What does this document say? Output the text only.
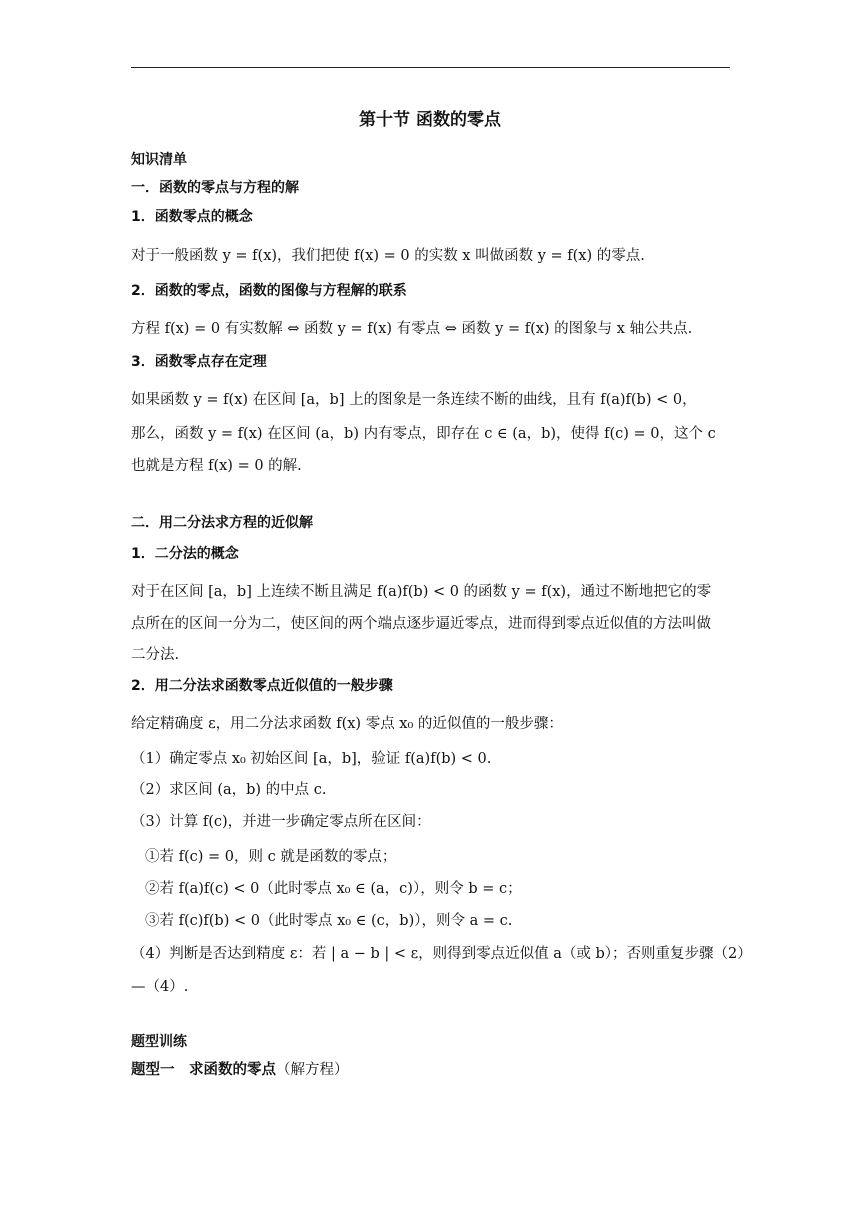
第十节 函数的零点
知识清单
一．函数的零点与方程的解
1．函数零点的概念
对于一般函数 y = f(x)，我们把使 f(x) = 0 的实数 x 叫做函数 y = f(x) 的零点.
2．函数的零点，函数的图像与方程解的联系
方程 f(x) = 0 有实数解 ⇔ 函数 y = f(x) 有零点 ⇔ 函数 y = f(x) 的图象与 x 轴公共点.
3．函数零点存在定理
如果函数 y = f(x) 在区间 [a，b] 上的图象是一条连续不断的曲线，且有 f(a)f(b) < 0，
那么，函数 y = f(x) 在区间 (a，b) 内有零点，即存在 c ∈ (a，b)，使得 f(c) = 0，这个 c
也就是方程 f(x) = 0 的解.
二．用二分法求方程的近似解
1．二分法的概念
对于在区间 [a，b] 上连续不断且满足 f(a)f(b) < 0 的函数 y = f(x)，通过不断地把它的零
点所在的区间一分为二，使区间的两个端点逐步逼近零点，进而得到零点近似值的方法叫做
二分法.
2．用二分法求函数零点近似值的一般步骤
给定精确度 ε，用二分法求函数 f(x) 零点 x₀ 的近似值的一般步骤：
（1）确定零点 x₀ 初始区间 [a，b]，验证 f(a)f(b) < 0.
（2）求区间 (a，b) 的中点 c.
（3）计算 f(c)，并进一步确定零点所在区间：
①若 f(c) = 0，则 c 就是函数的零点；
②若 f(a)f(c) < 0（此时零点 x₀ ∈ (a，c)），则令 b = c；
③若 f(c)f(b) < 0（此时零点 x₀ ∈ (c，b)），则令 a = c.
（4）判断是否达到精度 ε：若 | a − b | < ε，则得到零点近似值 a（或 b）；否则重复步骤（2）
—（4）.
题型训练
题型一　求函数的零点（解方程）
